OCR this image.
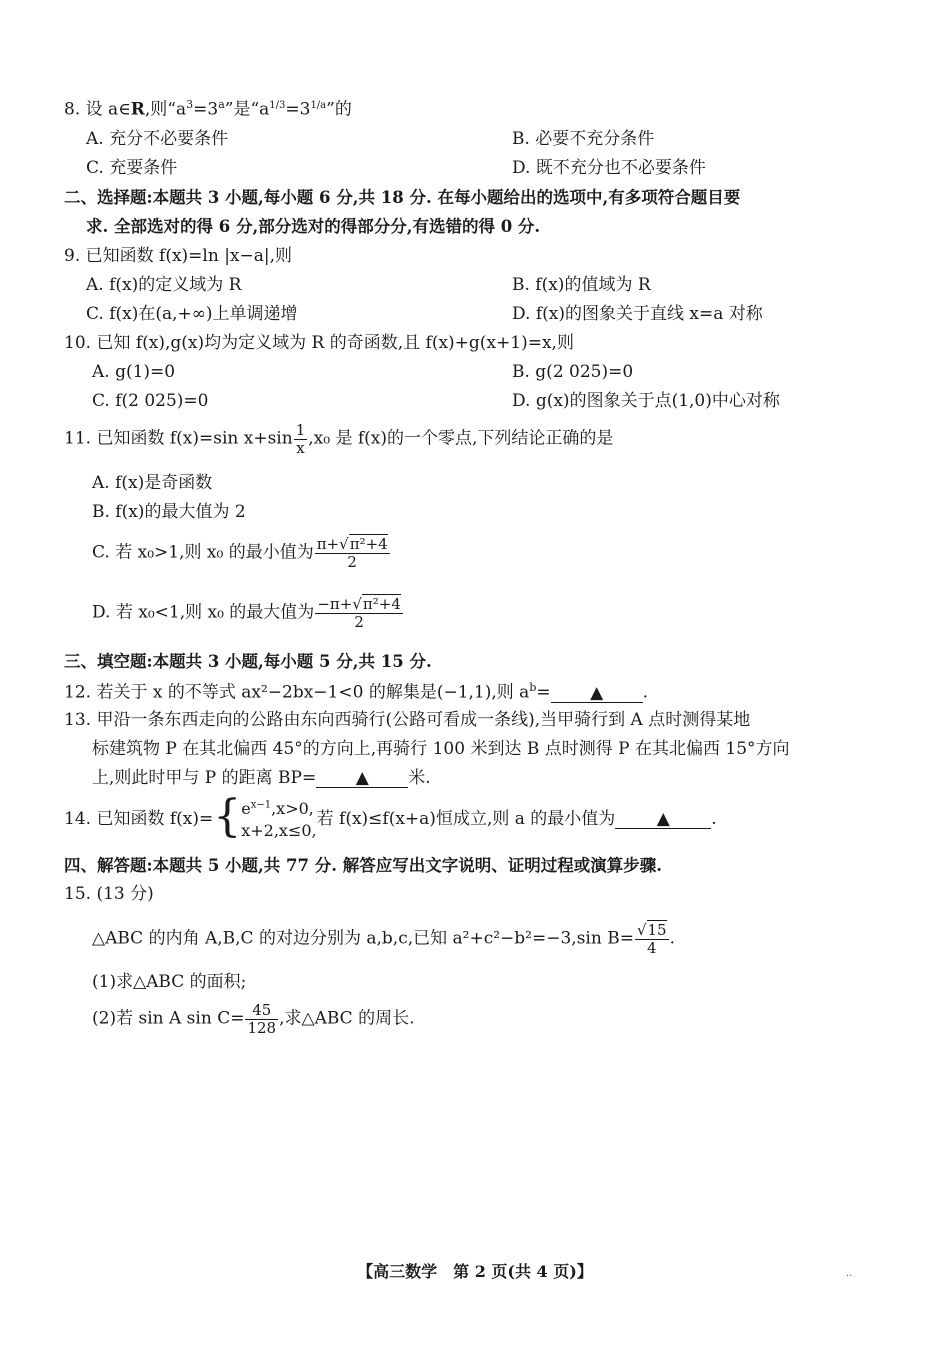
8. 设 a∈R,则“$a^3=3^a$”是“$a^{1/3}=3^{1/a}$”的
A. 充分不必要条件	B. 必要不充分条件
C. 充要条件	D. 既不充分也不必要条件
二、选择题:本题共 3 小题,每小题 6 分,共 18 分. 在每小题给出的选项中,有多项符合题目要
求. 全部选对的得 6 分,部分选对的得部分分,有选错的得 0 分.
9. 已知函数 f(x)=ln |x−a|,则
A. f(x)的定义域为 R	B. f(x)的值域为 R
C. f(x)在(a,+∞)上单调递增	D. f(x)的图象关于直线 x=a 对称
10. 已知 f(x),g(x)均为定义域为 R 的奇函数,且 f(x)+g(x+1)=x,则
A. g(1)=0	B. g(2 025)=0
C. f(2 025)=0	D. g(x)的图象关于点(1,0)中心对称
11. 已知函数 f(x)=sin $x+\sin \frac{1}{x} ,x_0$ 是 f(x)的一个零点,下列结论正确的是
A. f(x)是奇函数
B. f(x)的最大值为 2
C. 若 x₀>1,则 x₀ 的最小值为 $\frac{\text{π+√π²+4}}{2}$
D. 若 x₀<1,则 x₀ 的最大值为 $\frac{\text{−π+√π²+4}}{2}$
三、填空题:本题共 3 小题,每小题 5 分,共 15 分.
12. 若关于 x 的不等式 ax²−2bx−1<0 的解集是(−1,1),则 $a^b=$ ▲ .
13. 甲沿一条东西走向的公路由东向西骑行(公路可看成一条线),当甲骑行到 A 点时测得某地
标建筑物 P 在其北偏西 45°的方向上,再骑行 100 米到达 B 点时测得 P 在其北偏西 15°方向
上,则此时甲与 P 的距离 BP= ▲ 米.
14. 已知函数 f(x)={ $e^{x-1},x>0$,
x+2,x≤0,
若 f(x)≤f(x+a)恒成立,则 a 的最小值为 ▲ .
四、解答题:本题共 5 小题,共 77 分. 解答应写出文字说明、证明过程或演算步骤.
15. (13 分)
△ABC 的内角 A,B,C 的对边分别为 a,b,c,已知 a²+c²−b²=−3,sin $B= \frac{√15}{4}$ .
(1)求△ABC 的面积;
(2)若 sin A $\sin C= \frac{45}{128}$ ,求△ABC 的周长.
【高三数学　第 2 页(共 4 页)】	..
